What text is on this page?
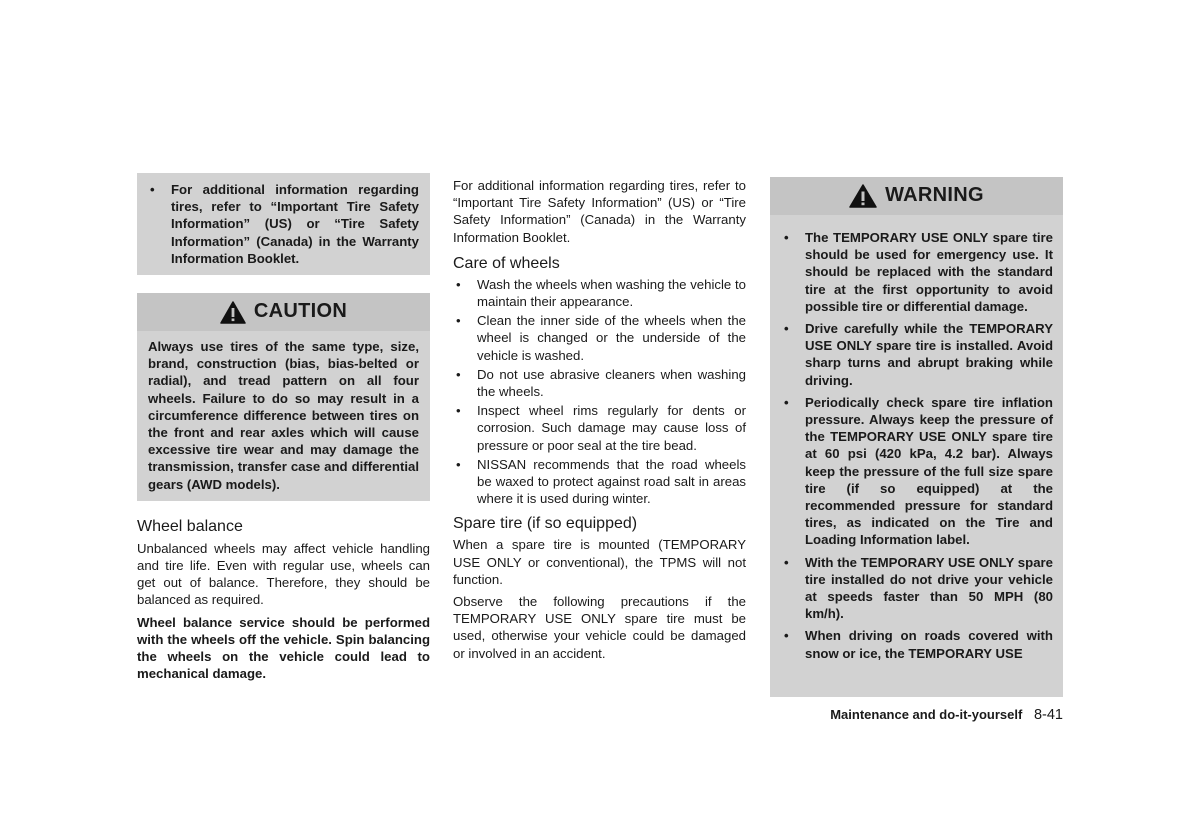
• For additional information regarding tires, refer to “Important Tire Safety Information” (US) or “Tire Safety Information” (Canada) in the Warranty Information Booklet.
CAUTION
Always use tires of the same type, size, brand, construction (bias, bias-belted or radial), and tread pattern on all four wheels. Failure to do so may result in a circumference difference between tires on the front and rear axles which will cause excessive tire wear and may damage the transmission, transfer case and differential gears (AWD models).
Wheel balance

Unbalanced wheels may affect vehicle handling and tire life. Even with regular use, wheels can get out of balance. Therefore, they should be balanced as required.

Wheel balance service should be performed with the wheels off the vehicle. Spin balancing the wheels on the vehicle could lead to mechanical damage.

For additional information regarding tires, refer to “Important Tire Safety Information” (US) or “Tire Safety Information” (Canada) in the Warranty Information Booklet.

Care of wheels
• Wash the wheels when washing the vehicle to maintain their appearance.
• Clean the inner side of the wheels when the wheel is changed or the underside of the vehicle is washed.
• Do not use abrasive cleaners when washing the wheels.
• Inspect wheel rims regularly for dents or corrosion. Such damage may cause loss of pressure or poor seal at the tire bead.
• NISSAN recommends that the road wheels be waxed to protect against road salt in areas where it is used during winter.
Spare tire (if so equipped)

When a spare tire is mounted (TEMPORARY USE ONLY or conventional), the TPMS will not function.

Observe the following precautions if the TEMPORARY USE ONLY spare tire must be used, otherwise your vehicle could be damaged or involved in an accident.

WARNING
• The TEMPORARY USE ONLY spare tire should be used for emergency use. It should be replaced with the standard tire at the first opportunity to avoid possible tire or differential damage.
• Drive carefully while the TEMPORARY USE ONLY spare tire is installed. Avoid sharp turns and abrupt braking while driving.
• Periodically check spare tire inflation pressure. Always keep the pressure of the TEMPORARY USE ONLY spare tire at 60 psi (420 kPa, 4.2 bar). Always keep the pressure of the full size spare tire (if so equipped) at the recommended pressure for standard tires, as indicated on the Tire and Loading Information label.
• With the TEMPORARY USE ONLY spare tire installed do not drive your vehicle at speeds faster than 50 MPH (80 km/h).
• When driving on roads covered with snow or ice, the TEMPORARY USE
Maintenance and do-it-yourself 8-41
